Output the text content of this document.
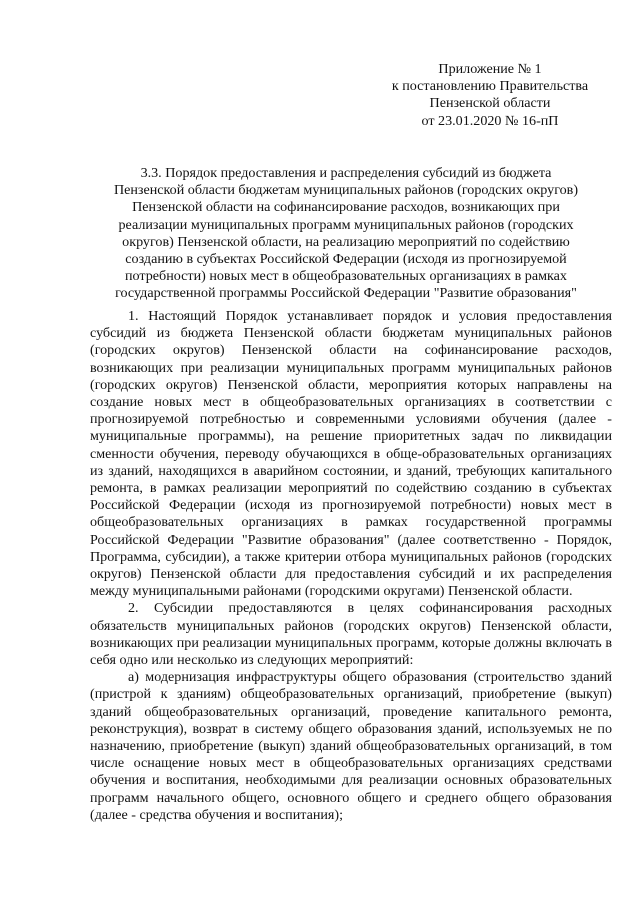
Приложение № 1
к постановлению Правительства
Пензенской области
от 23.01.2020 № 16-пП
3.3. Порядок предоставления и распределения субсидий из бюджета
Пензенской области бюджетам муниципальных районов (городских округов)
Пензенской области на софинансирование расходов, возникающих при
реализации муниципальных программ муниципальных районов (городских
округов) Пензенской области, на реализацию мероприятий по содействию
созданию в субъектах Российской Федерации (исходя из прогнозируемой
потребности) новых мест в общеобразовательных организациях в рамках
государственной программы Российской Федерации "Развитие образования"

1. Настоящий Порядок устанавливает порядок и условия предоставления субсидий из бюджета Пензенской области бюджетам муниципальных районов (городских округов) Пензенской области на софинансирование расходов, возникающих при реализации муниципальных программ муниципальных районов (городских округов) Пензенской области, мероприятия которых направлены на создание новых мест в общеобразовательных организациях в соответствии с прогнозируемой потребностью и современными условиями обучения (далее - муниципальные программы), на решение приоритетных задач по ликвидации сменности обучения, переводу обучающихся в обще-образовательных организациях из зданий, находящихся в аварийном состоянии, и зданий, требующих капитального ремонта, в рамках реализации мероприятий по содействию созданию в субъектах Российской Федерации (исходя из прогнозируемой потребности) новых мест в общеобразовательных организациях в рамках государственной программы Российской Федерации "Развитие образования" (далее соответственно - Порядок, Программа, субсидии), а также критерии отбора муниципальных районов (городских округов) Пензенской области для предоставления субсидий и их распределения между муниципальными районами (городскими округами) Пензенской области.

2. Субсидии предоставляются в целях софинансирования расходных обязательств муниципальных районов (городских округов) Пензенской области, возникающих при реализации муниципальных программ, которые должны включать в себя одно или несколько из следующих мероприятий:

а) модернизация инфраструктуры общего образования (строительство зданий (пристрой к зданиям) общеобразовательных организаций, приобретение (выкуп) зданий общеобразовательных организаций, проведение капитального ремонта, реконструкция), возврат в систему общего образования зданий, используемых не по назначению, приобретение (выкуп) зданий общеобразовательных организаций, в том числе оснащение новых мест в общеобразовательных организациях средствами обучения и воспитания, необходимыми для реализации основных образовательных программ начального общего, основного общего и среднего общего образования (далее - средства обучения и воспитания);
